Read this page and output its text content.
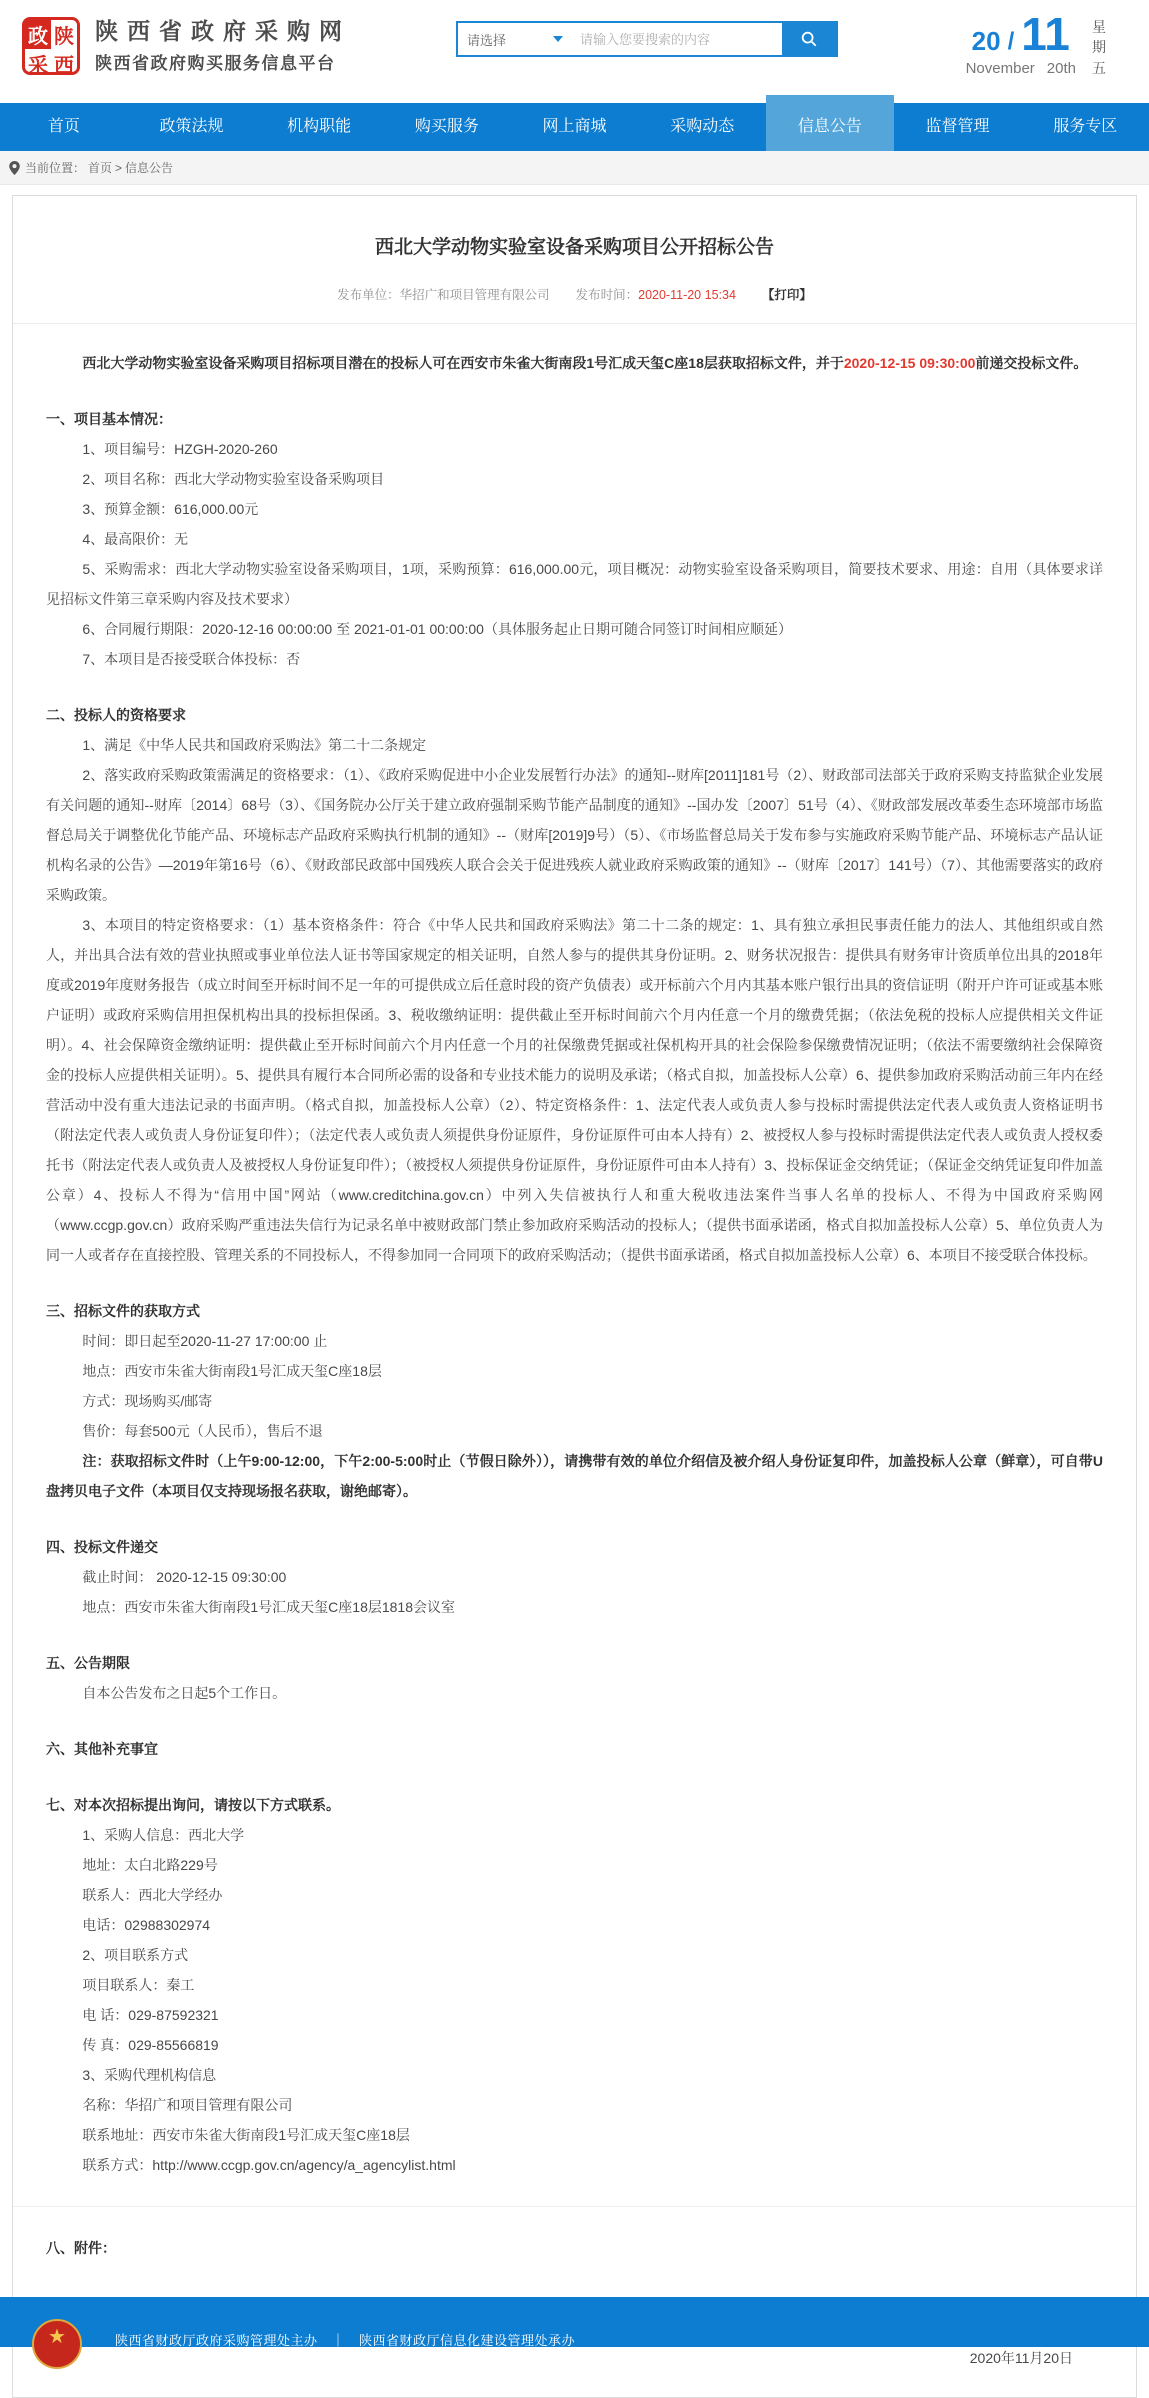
政 陕
采 西
陕西省政府采购网
陕西省政府购买服务信息平台
请选择
请输入您要搜索的内容	20 / 11
November 20th
星期五
首页	政策法规	机构职能	购买服务	网上商城	采购动态	信息公告	监督管理	服务专区
当前位置： 首页 > 信息公告
西北大学动物实验室设备采购项目公开招标公告
发布单位：华招广和项目管理有限公司 发布时间：2020-11-20 15:34 【打印】

西北大学动物实验室设备采购项目招标项目潜在的投标人可在西安市朱雀大街南段1号汇成天玺C座18层获取招标文件，并于2020-12-15 09:30:00前递交投标文件。

一、项目基本情况：

1、项目编号：HZGH-2020-260

2、项目名称：西北大学动物实验室设备采购项目

3、预算金额：616,000.00元

4、最高限价：无

5、采购需求：西北大学动物实验室设备采购项目，1项，采购预算：616,000.00元，项目概况：动物实验室设备采购项目，简要技术要求、用途：自用（具体要求详见招标文件第三章采购内容及技术要求）

6、合同履行期限：2020-12-16 00:00:00 至 2021-01-01 00:00:00（具体服务起止日期可随合同签订时间相应顺延）

7、本项目是否接受联合体投标：否

二、投标人的资格要求

1、满足《中华人民共和国政府采购法》第二十二条规定

2、落实政府采购政策需满足的资格要求：（1）、《政府采购促进中小企业发展暂行办法》的通知--财库[2011]181号（2）、财政部司法部关于政府采购支持监狱企业发展有关问题的通知--财库〔2014〕68号（3）、《国务院办公厅关于建立政府强制采购节能产品制度的通知》--国办发〔2007〕51号（4）、《财政部发展改革委生态环境部市场监督总局关于调整优化节能产品、环境标志产品政府采购执行机制的通知》--（财库[2019]9号）（5）、《市场监督总局关于发布参与实施政府采购节能产品、环境标志产品认证机构名录的公告》—2019年第16号（6）、《财政部民政部中国残疾人联合会关于促进残疾人就业政府采购政策的通知》--（财库〔2017〕141号）（7）、其他需要落实的政府采购政策。

3、本项目的特定资格要求：（1）基本资格条件：符合《中华人民共和国政府采购法》第二十二条的规定：1、具有独立承担民事责任能力的法人、其他组织或自然人，并出具合法有效的营业执照或事业单位法人证书等国家规定的相关证明，自然人参与的提供其身份证明。2、财务状况报告：提供具有财务审计资质单位出具的2018年度或2019年度财务报告（成立时间至开标时间不足一年的可提供成立后任意时段的资产负债表）或开标前六个月内其基本账户银行出具的资信证明（附开户许可证或基本账户证明）或政府采购信用担保机构出具的投标担保函。3、税收缴纳证明：提供截止至开标时间前六个月内任意一个月的缴费凭据；（依法免税的投标人应提供相关文件证明）。4、社会保障资金缴纳证明：提供截止至开标时间前六个月内任意一个月的社保缴费凭据或社保机构开具的社会保险参保缴费情况证明；（依法不需要缴纳社会保障资金的投标人应提供相关证明）。5、提供具有履行本合同所必需的设备和专业技术能力的说明及承诺；（格式自拟，加盖投标人公章）6、提供参加政府采购活动前三年内在经营活动中没有重大违法记录的书面声明。（格式自拟，加盖投标人公章）（2）、特定资格条件：1、法定代表人或负责人参与投标时需提供法定代表人或负责人资格证明书（附法定代表人或负责人身份证复印件）；（法定代表人或负责人须提供身份证原件，身份证原件可由本人持有）2、被授权人参与投标时需提供法定代表人或负责人授权委托书（附法定代表人或负责人及被授权人身份证复印件）；（被授权人须提供身份证原件，身份证原件可由本人持有）3、投标保证金交纳凭证；（保证金交纳凭证复印件加盖公章）4、投标人不得为“信用中国”网站（www.creditchina.gov.cn）中列入失信被执行人和重大税收违法案件当事人名单的投标人、不得为中国政府采购网（www.ccgp.gov.cn）政府采购严重违法失信行为记录名单中被财政部门禁止参加政府采购活动的投标人；（提供书面承诺函，格式自拟加盖投标人公章）5、单位负责人为同一人或者存在直接控股、管理关系的不同投标人，不得参加同一合同项下的政府采购活动；（提供书面承诺函，格式自拟加盖投标人公章）6、本项目不接受联合体投标。

三、招标文件的获取方式

时间：即日起至2020-11-27 17:00:00 止

地点：西安市朱雀大街南段1号汇成天玺C座18层

方式：现场购买/邮寄

售价：每套500元（人民币），售后不退

注：获取招标文件时（上午9:00-12:00，下午2:00-5:00时止（节假日除外）），请携带有效的单位介绍信及被介绍人身份证复印件，加盖投标人公章（鲜章），可自带U盘拷贝电子文件（本项目仅支持现场报名获取，谢绝邮寄）。

四、投标文件递交

截止时间： 2020-12-15 09:30:00

地点：西安市朱雀大街南段1号汇成天玺C座18层1818会议室

五、公告期限

自本公告发布之日起5个工作日。

六、其他补充事宜

七、对本次招标提出询问，请按以下方式联系。

1、采购人信息：西北大学

地址：太白北路229号

联系人：西北大学经办

电话：02988302974

2、项目联系方式

项目联系人：秦工

电 话：029-87592321

传 真：029-85566819

3、采购代理机构信息

名称：华招广和项目管理有限公司

联系地址：西安市朱雀大街南段1号汇成天玺C座18层

联系方式：http://www.ccgp.gov.cn/agency/a_agencylist.html

八、附件：

2020年11月20日

★	陕西省财政厅政府采购管理处主办 ｜ 陕西省财政厅信息化建设管理处承办
